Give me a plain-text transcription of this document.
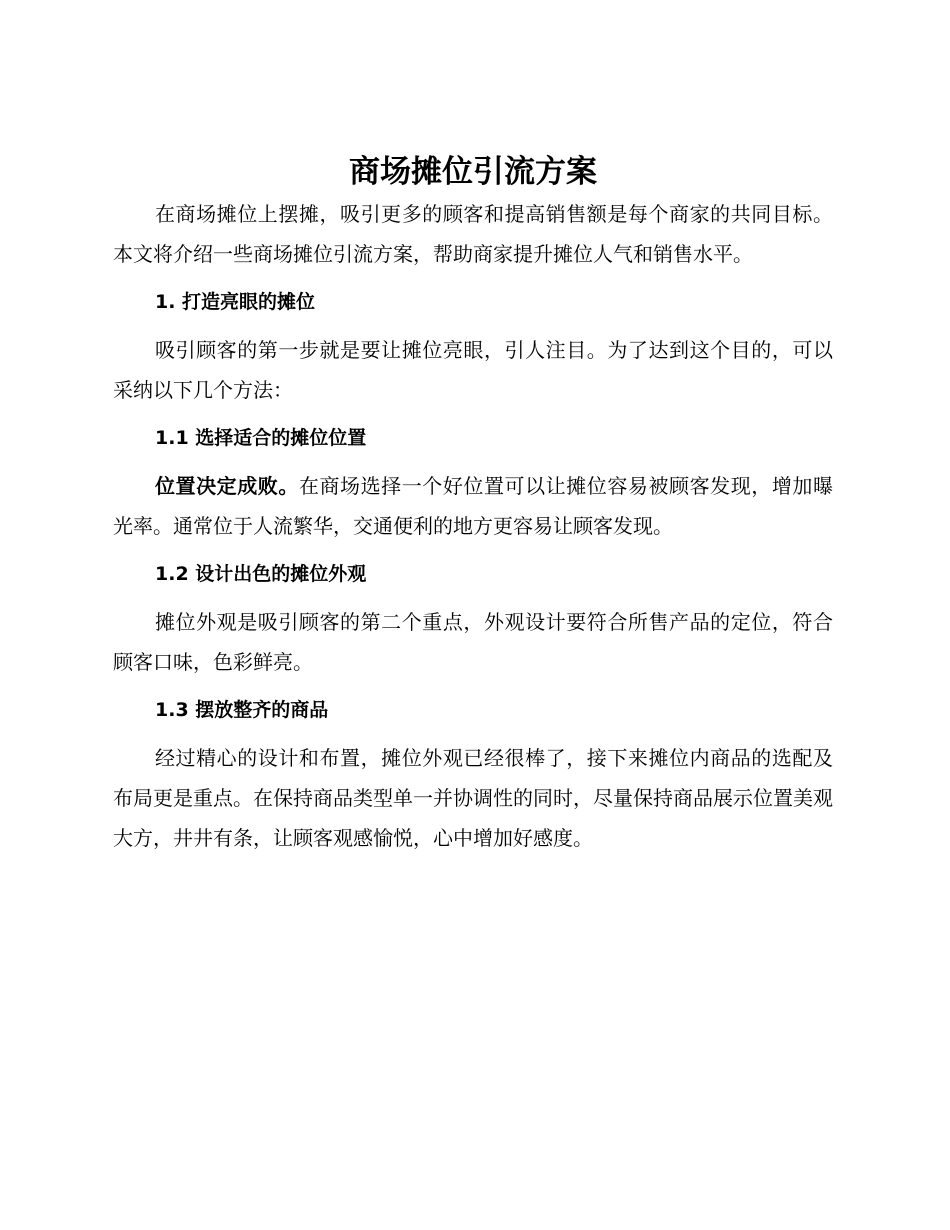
商场摊位引流方案

在商场摊位上摆摊，吸引更多的顾客和提高销售额是每个商家的共同目标。本文将介绍一些商场摊位引流方案，帮助商家提升摊位人气和销售水平。

1. 打造亮眼的摊位

吸引顾客的第一步就是要让摊位亮眼，引人注目。为了达到这个目的，可以采纳以下几个方法：

1.1 选择适合的摊位位置

位置决定成败。在商场选择一个好位置可以让摊位容易被顾客发现，增加曝光率。通常位于人流繁华，交通便利的地方更容易让顾客发现。

1.2 设计出色的摊位外观

摊位外观是吸引顾客的第二个重点，外观设计要符合所售产品的定位，符合顾客口味，色彩鲜亮。

1.3 摆放整齐的商品

经过精心的设计和布置，摊位外观已经很棒了，接下来摊位内商品的选配及布局更是重点。在保持商品类型单一并协调性的同时，尽量保持商品展示位置美观大方，井井有条，让顾客观感愉悦，心中增加好感度。
